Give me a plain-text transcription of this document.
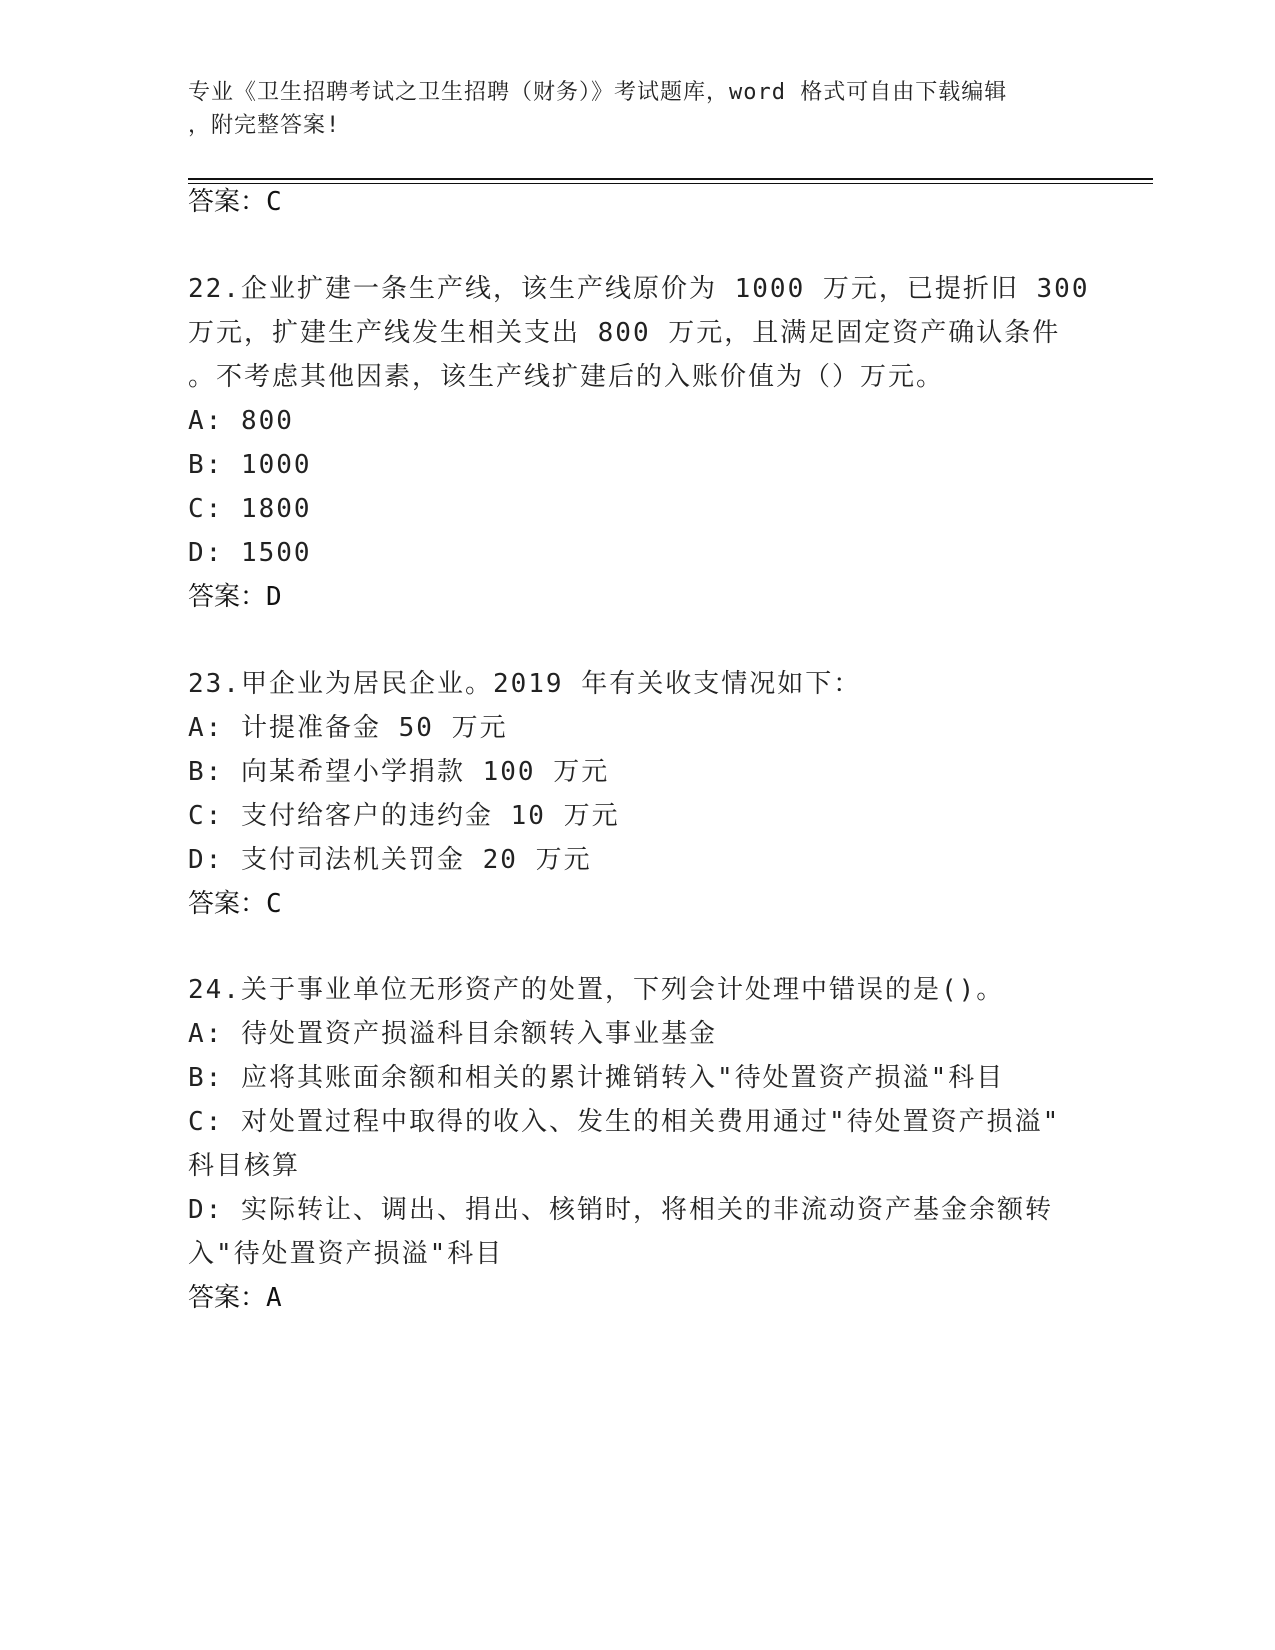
专业《卫生招聘考试之卫生招聘（财务）》考试题库，word 格式可自由下载编辑
，附完整答案!
答案：C
22.企业扩建一条生产线，该生产线原价为 1000 万元，已提折旧 300
万元，扩建生产线发生相关支出 800 万元，且满足固定资产确认条件
。不考虑其他因素，该生产线扩建后的入账价值为（）万元。
A: 800
B: 1000
C: 1800
D: 1500
答案：D
23.甲企业为居民企业。2019 年有关收支情况如下：
A: 计提准备金 50 万元
B: 向某希望小学捐款 100 万元
C: 支付给客户的违约金 10 万元
D: 支付司法机关罚金 20 万元
答案：C
24.关于事业单位无形资产的处置，下列会计处理中错误的是()。
A: 待处置资产损溢科目余额转入事业基金
B: 应将其账面余额和相关的累计摊销转入"待处置资产损溢"科目
C: 对处置过程中取得的收入、发生的相关费用通过"待处置资产损溢"
科目核算
D: 实际转让、调出、捐出、核销时，将相关的非流动资产基金余额转
入"待处置资产损溢"科目
答案：A
